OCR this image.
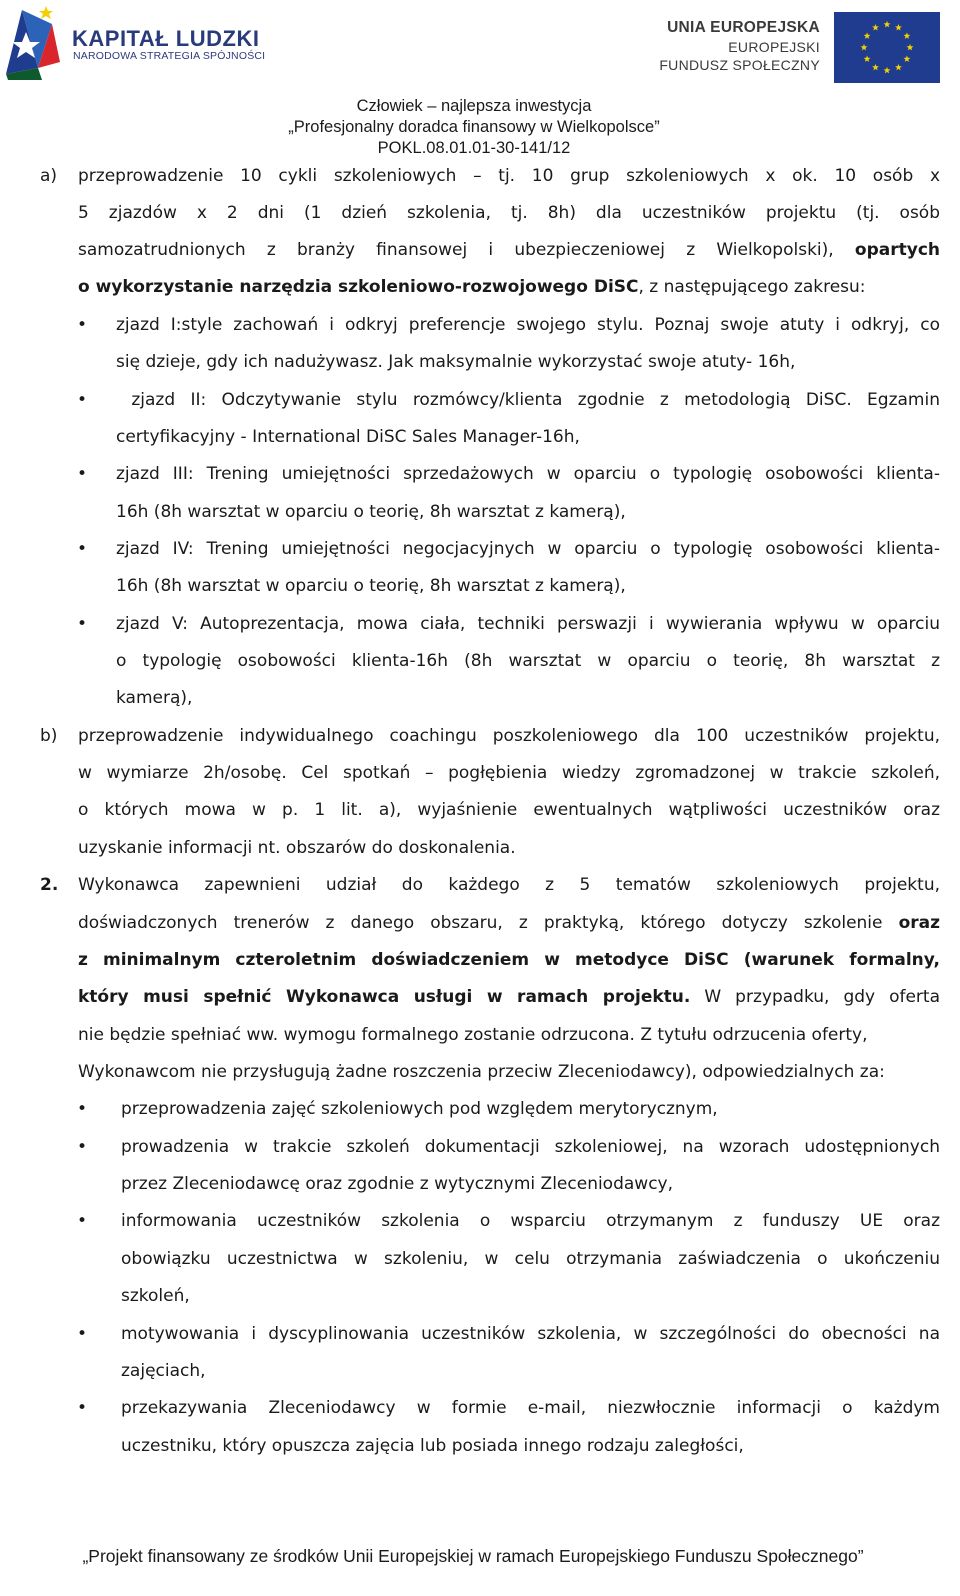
KAPITAŁ LUDZKI
NARODOWA STRATEGIA SPÓJNOŚCI
UNIA EUROPEJSKA
EUROPEJSKI
FUNDUSZ SPOŁECZNY
Człowiek – najlepsza inwestycja
„Profesjonalny doradca finansowy w Wielkopolsce”
POKL.08.01.01-30-141/12
a) przeprowadzenie 10 cykli szkoleniowych – tj. 10 grup szkoleniowych x ok. 10 osób x
5 zjazdów x 2 dni (1 dzień szkolenia, tj. 8h) dla uczestników projektu (tj. osób
samozatrudnionych z branży finansowej i ubezpieczeniowej z Wielkopolski), opartych
o wykorzystanie narzędzia szkoleniowo-rozwojowego DiSC, z następującego zakresu:
• zjazd I:style zachowań i odkryj preferencje swojego stylu. Poznaj swoje atuty i odkryj, co
się dzieje, gdy ich nadużywasz. Jak maksymalnie wykorzystać swoje atuty- 16h,
• zjazd II: Odczytywanie stylu rozmówcy/klienta zgodnie z metodologią DiSC. Egzamin
certyfikacyjny - International DiSC Sales Manager-16h,
• zjazd III: Trening umiejętności sprzedażowych w oparciu o typologię osobowości klienta-
16h (8h warsztat w oparciu o teorię, 8h warsztat z kamerą),
• zjazd IV: Trening umiejętności negocjacyjnych w oparciu o typologię osobowości klienta-
16h (8h warsztat w oparciu o teorię, 8h warsztat z kamerą),
• zjazd V: Autoprezentacja, mowa ciała, techniki perswazji i wywierania wpływu w oparciu
o typologię osobowości klienta-16h (8h warsztat w oparciu o teorię, 8h warsztat z
kamerą),
b) przeprowadzenie indywidualnego coachingu poszkoleniowego dla 100 uczestników projektu,
w wymiarze 2h/osobę. Cel spotkań – pogłębienia wiedzy zgromadzonej w trakcie szkoleń,
o których mowa w p. 1 lit. a), wyjaśnienie ewentualnych wątpliwości uczestników oraz
uzyskanie informacji nt. obszarów do doskonalenia.
2. Wykonawca zapewnieni udział do każdego z 5 tematów szkoleniowych projektu,
doświadczonych trenerów z danego obszaru, z praktyką, którego dotyczy szkolenie oraz
z minimalnym czteroletnim doświadczeniem w metodyce DiSC (warunek formalny,
który musi spełnić Wykonawca usługi w ramach projektu. W przypadku, gdy oferta
nie będzie spełniać ww. wymogu formalnego zostanie odrzucona. Z tytułu odrzucenia oferty,
Wykonawcom nie przysługują żadne roszczenia przeciw Zleceniodawcy), odpowiedzialnych za:
• przeprowadzenia zajęć szkoleniowych pod względem merytorycznym,
• prowadzenia w trakcie szkoleń dokumentacji szkoleniowej, na wzorach udostępnionych
przez Zleceniodawcę oraz zgodnie z wytycznymi Zleceniodawcy,
• informowania uczestników szkolenia o wsparciu otrzymanym z funduszy UE oraz
obowiązku uczestnictwa w szkoleniu, w celu otrzymania zaświadczenia o ukończeniu
szkoleń,
• motywowania i dyscyplinowania uczestników szkolenia, w szczególności do obecności na
zajęciach,
• przekazywania Zleceniodawcy w formie e-mail, niezwłocznie informacji o każdym
uczestniku, który opuszcza zajęcia lub posiada innego rodzaju zaległości,
„Projekt finansowany ze środków Unii Europejskiej w ramach Europejskiego Funduszu Społecznego”
